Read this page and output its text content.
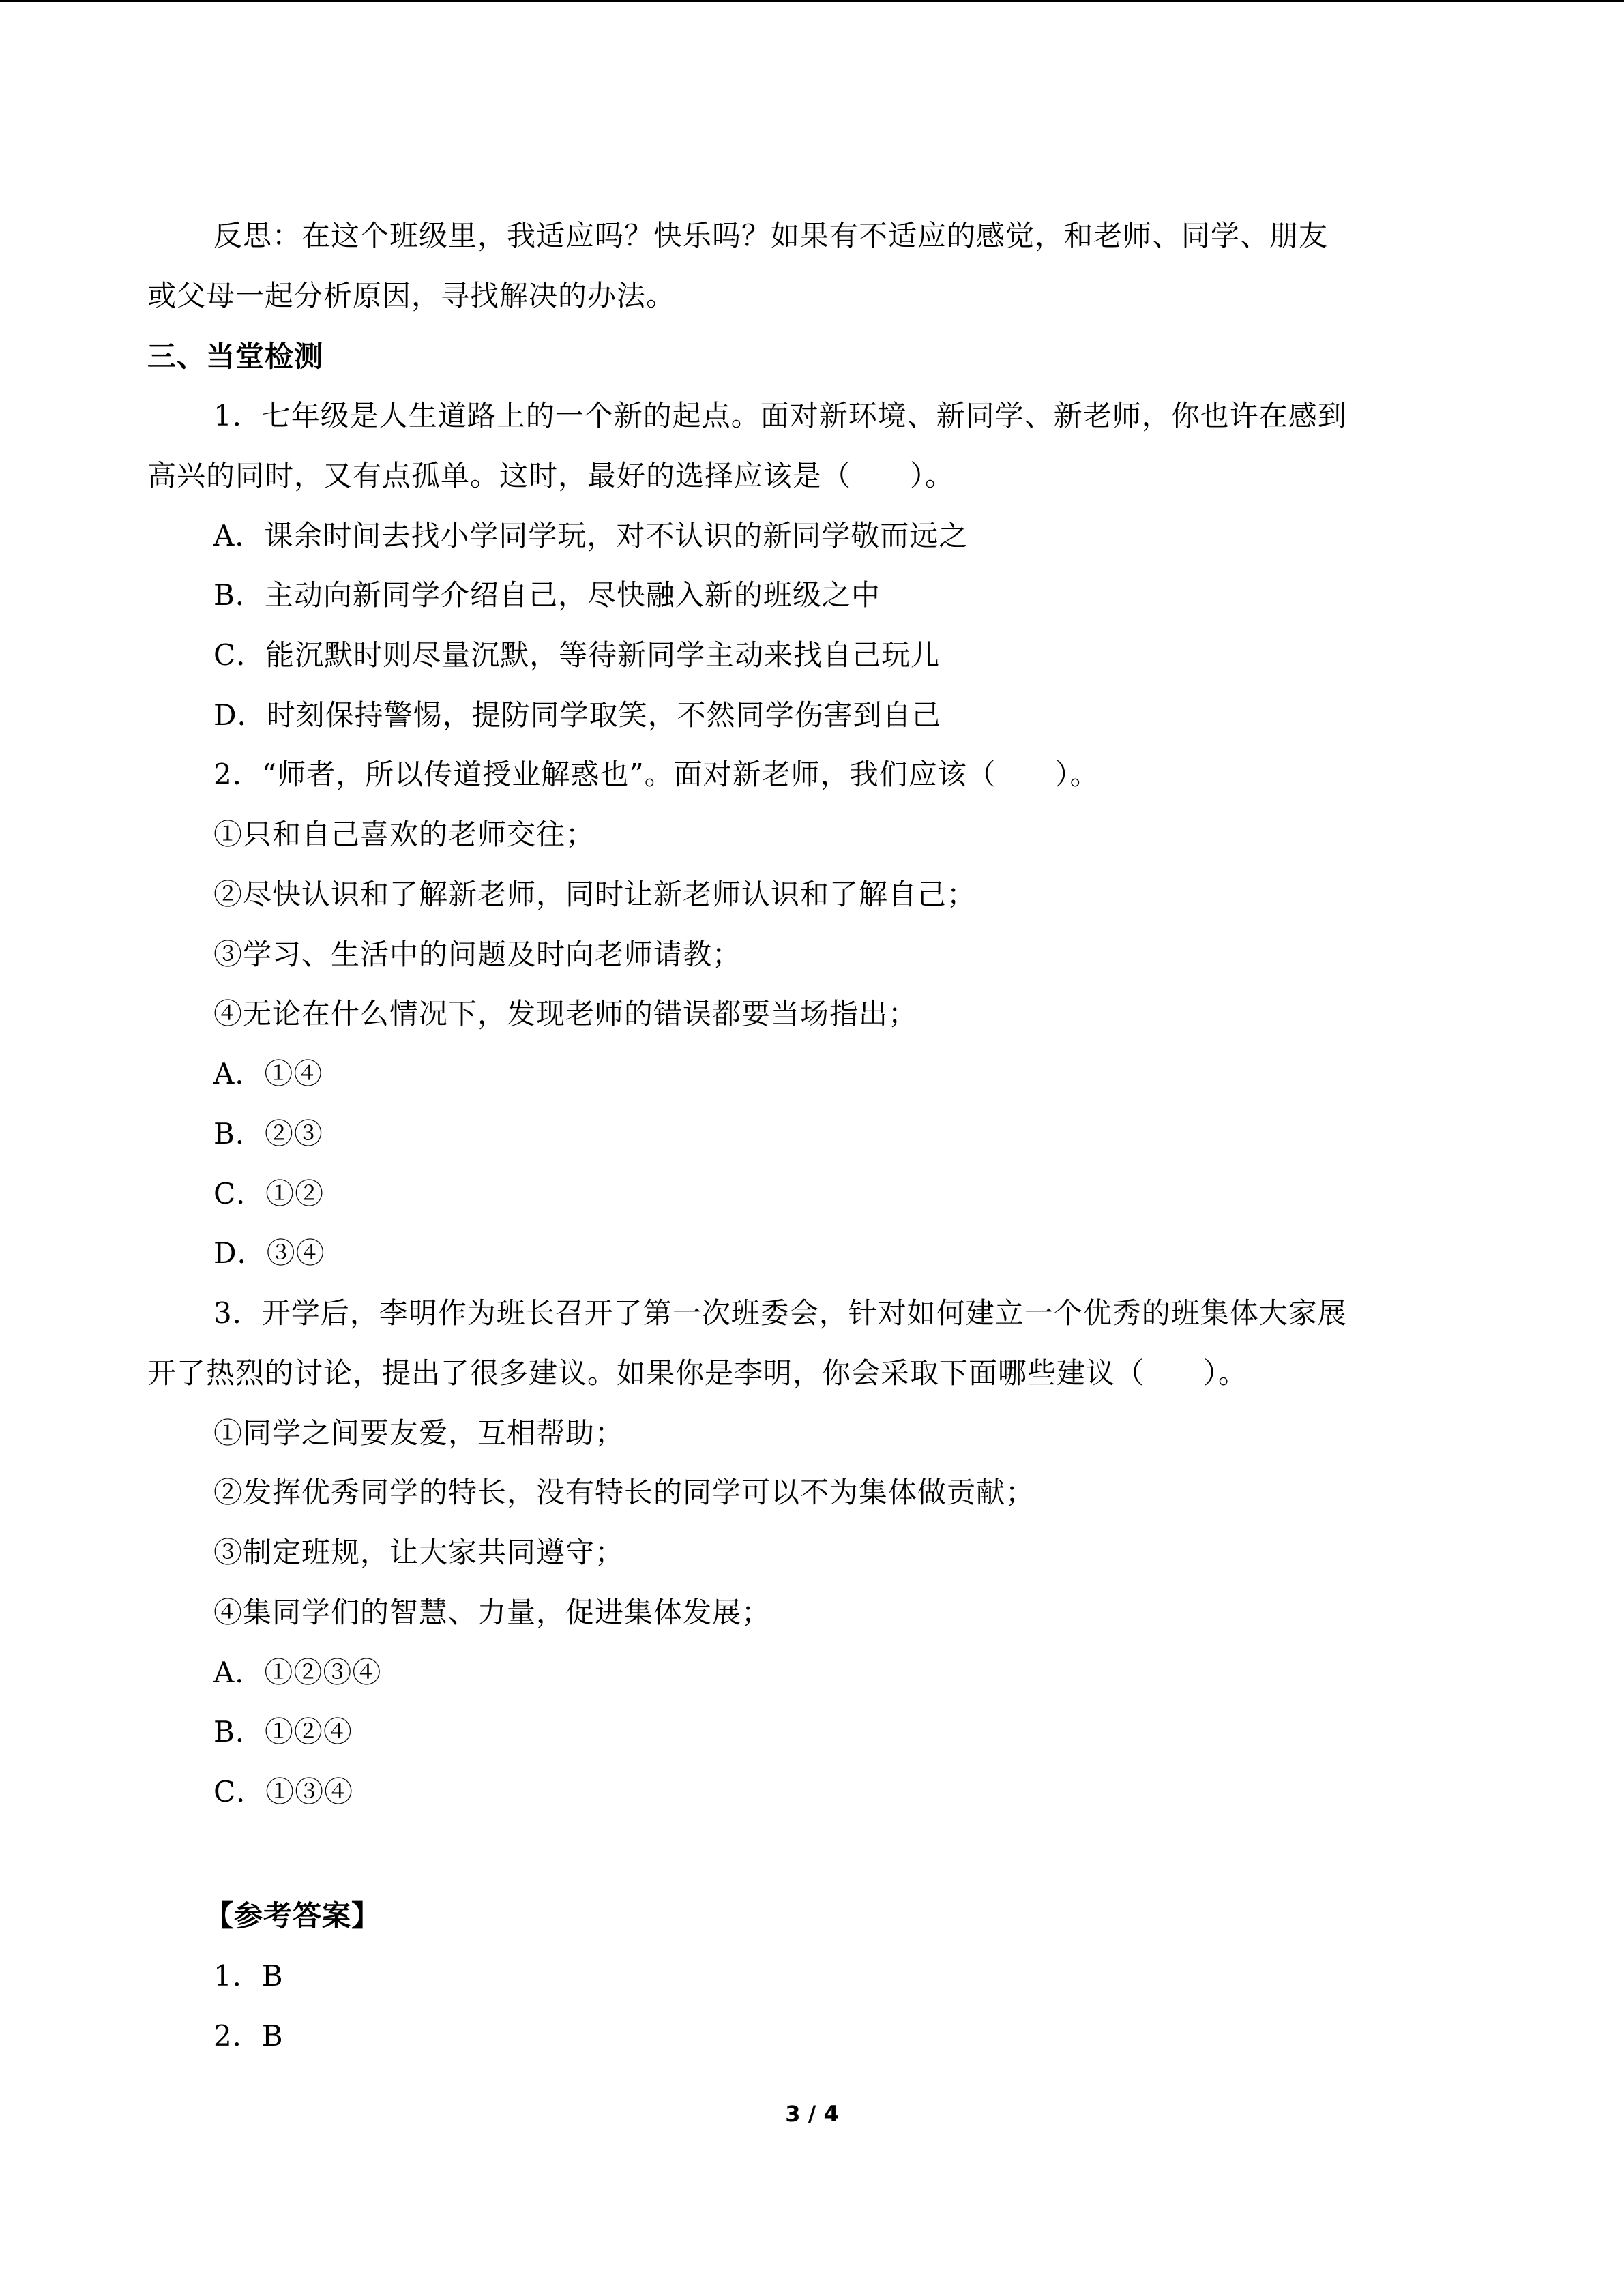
反思：在这个班级里，我适应吗？快乐吗？如果有不适应的感觉，和老师、同学、朋友
或父母一起分析原因，寻找解决的办法。
三、当堂检测
1．七年级是人生道路上的一个新的起点。面对新环境、新同学、新老师，你也许在感到
高兴的同时，又有点孤单。这时，最好的选择应该是（　　）。
A．课余时间去找小学同学玩，对不认识的新同学敬而远之
B．主动向新同学介绍自己，尽快融入新的班级之中
C．能沉默时则尽量沉默，等待新同学主动来找自己玩儿
D．时刻保持警惕，提防同学取笑，不然同学伤害到自己
2．“师者，所以传道授业解惑也”。面对新老师，我们应该（　　）。
①只和自己喜欢的老师交往；
②尽快认识和了解新老师，同时让新老师认识和了解自己；
③学习、生活中的问题及时向老师请教；
④无论在什么情况下，发现老师的错误都要当场指出；
A．①④
B．②③
C．①②
D．③④
3．开学后，李明作为班长召开了第一次班委会，针对如何建立一个优秀的班集体大家展
开了热烈的讨论，提出了很多建议。如果你是李明，你会采取下面哪些建议（　　）。
①同学之间要友爱，互相帮助；
②发挥优秀同学的特长，没有特长的同学可以不为集体做贡献；
③制定班规，让大家共同遵守；
④集同学们的智慧、力量，促进集体发展；
A．①②③④
B．①②④
C．①③④
【参考答案】
1．B
2．B
3 / 4
